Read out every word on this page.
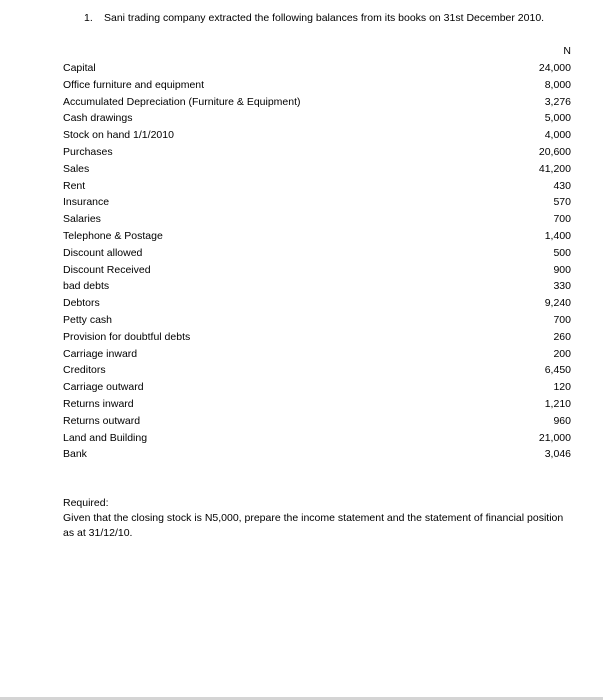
1. Sani trading company extracted the following balances from its books on 31st December 2010.
N
Capital	24,000
Office furniture and equipment	8,000
Accumulated Depreciation (Furniture & Equipment)	3,276
Cash drawings	5,000
Stock on hand 1/1/2010	4,000
Purchases	20,600
Sales	41,200
Rent	430
Insurance	570
Salaries	700
Telephone & Postage	1,400
Discount allowed	500
Discount Received	900
bad debts	330
Debtors	9,240
Petty cash	700
Provision for doubtful debts	260
Carriage inward	200
Creditors	6,450
Carriage outward	120
Returns inward	1,210
Returns outward	960
Land and Building	21,000
Bank	3,046
Required:
Given that the closing stock is N5,000, prepare the income statement and the statement of financial position as at 31/12/10.
